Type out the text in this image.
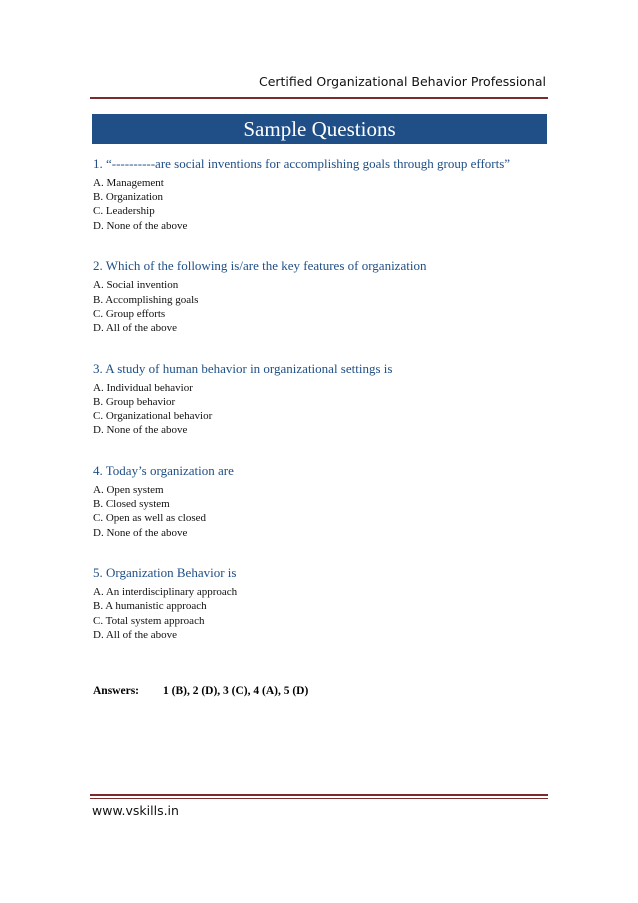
Certified Organizational Behavior Professional
Sample Questions
1. “----------are social inventions for accomplishing goals through group efforts”
A. Management
B. Organization
C. Leadership
D. None of the above
2. Which of the following is/are the key features of organization
A. Social invention
B. Accomplishing goals
C. Group efforts
D. All of the above
3. A study of human behavior in organizational settings is
A. Individual behavior
B. Group behavior
C. Organizational behavior
D. None of the above
4. Today’s organization are
A. Open system
B. Closed system
C. Open as well as closed
D. None of the above
5. Organization Behavior is
A. An interdisciplinary approach
B. A humanistic approach
C. Total system approach
D. All of the above
Answers: 1 (B), 2 (D), 3 (C), 4 (A), 5 (D)
www.vskills.in
